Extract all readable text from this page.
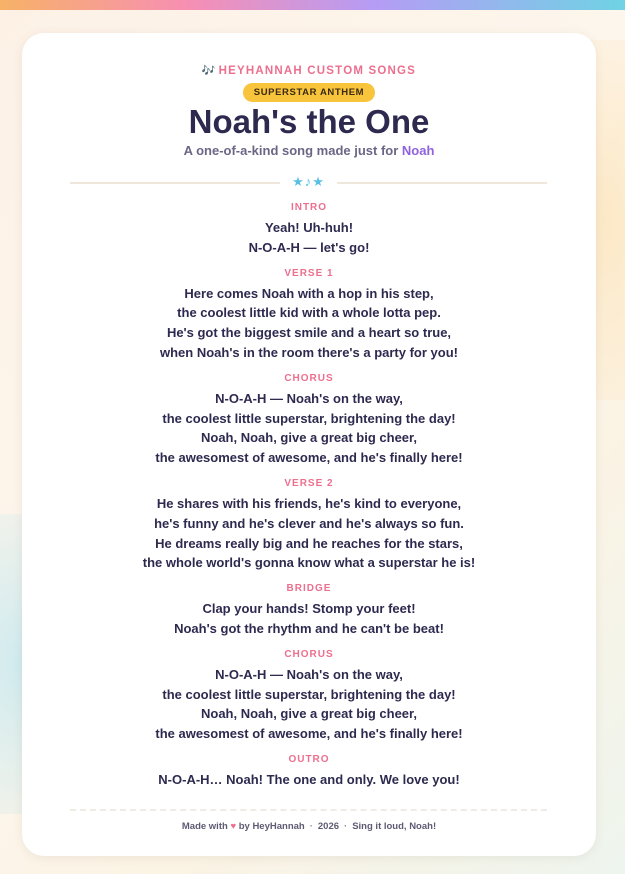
🎶 HEYHANNAH CUSTOM SONGS
SUPERSTAR ANTHEM
Noah's the One
A one-of-a-kind song made just for Noah
★♪★
INTRO
Yeah! Uh-huh!
N-O-A-H — let's go!
VERSE 1
Here comes Noah with a hop in his step,
the coolest little kid with a whole lotta pep.
He's got the biggest smile and a heart so true,
when Noah's in the room there's a party for you!
CHORUS
N-O-A-H — Noah's on the way,
the coolest little superstar, brightening the day!
Noah, Noah, give a great big cheer,
the awesomest of awesome, and he's finally here!
VERSE 2
He shares with his friends, he's kind to everyone,
he's funny and he's clever and he's always so fun.
He dreams really big and he reaches for the stars,
the whole world's gonna know what a superstar he is!
BRIDGE
Clap your hands! Stomp your feet!
Noah's got the rhythm and he can't be beat!
CHORUS
N-O-A-H — Noah's on the way,
the coolest little superstar, brightening the day!
Noah, Noah, give a great big cheer,
the awesomest of awesome, and he's finally here!
OUTRO
N-O-A-H… Noah! The one and only. We love you!
Made with ♥ by HeyHannah · 2026 · Sing it loud, Noah!
